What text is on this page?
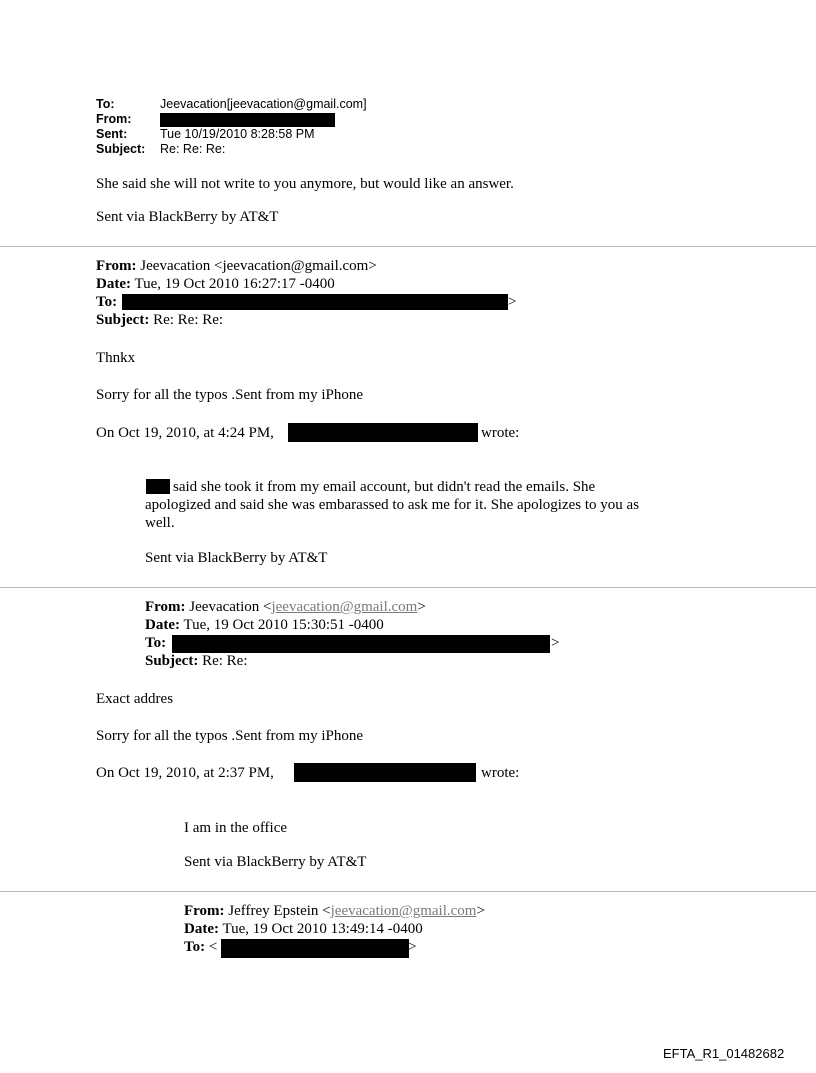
To:	Jeevacation[jeevacation@gmail.com]
From:
Sent:	Tue 10/19/2010 8:28:58 PM
Subject: Re: Re: Re:
She said she will not write to you anymore, but would like an answer.
Sent via BlackBerry by AT&T
From: Jeevacation <jeevacation@gmail.com>
Date: Tue, 19 Oct 2010 16:27:17 -0400
To:	>
Subject: Re: Re: Re:
Thnkx
Sorry for all the typos .Sent from my iPhone
On Oct 19, 2010, at 4:24 PM,	wrote:
said she took it from my email account, but didn't read the emails. She
apologized and said she was embarassed to ask me for it. She apologizes to you as
well.
Sent via BlackBerry by AT&T
From: Jeevacation <jeevacation@gmail.com>
Date: Tue, 19 Oct 2010 15:30:51 -0400
To:	>
Subject: Re: Re:
Exact addres
Sorry for all the typos .Sent from my iPhone
On Oct 19, 2010, at 2:37 PM,	wrote:
I am in the office
Sent via BlackBerry by AT&T
From: Jeffrey Epstein <jeevacation@gmail.com>
Date: Tue, 19 Oct 2010 13:49:14 -0400
To: <	>
EFTA_R1_01482682
